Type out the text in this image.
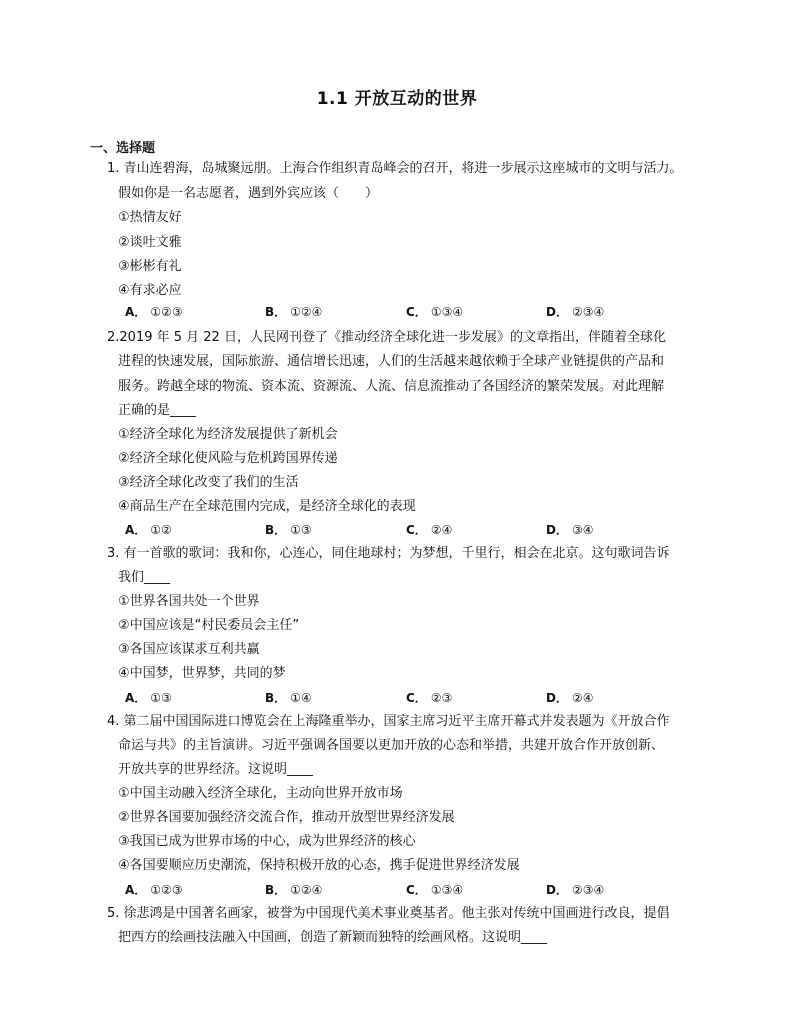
1.1 开放互动的世界
一、选择题
1. 青山连碧海，岛城聚远朋。上海合作组织青岛峰会的召开，将进一步展示这座城市的文明与活力。
假如你是一名志愿者，遇到外宾应该（　　）
①热情友好
②谈吐文雅
③彬彬有礼
④有求必应
A． ①②③	B． ①②④	C． ①③④	D． ②③④
2.2019 年 5 月 22 日，人民网刊登了《推动经济全球化进一步发展》的文章指出，伴随着全球化
进程的快速发展，国际旅游、通信增长迅速，人们的生活越来越依赖于全球产业链提供的产品和
服务。跨越全球的物流、资本流、资源流、人流、信息流推动了各国经济的繁荣发展。对此理解
正确的是____
①经济全球化为经济发展提供了新机会
②经济全球化使风险与危机跨国界传递
③经济全球化改变了我们的生活
④商品生产在全球范围内完成，是经济全球化的表现
A． ①②	B． ①③	C． ②④	D． ③④
3. 有一首歌的歌词：我和你，心连心，同住地球村；为梦想，千里行，相会在北京。这句歌词告诉
我们____
①世界各国共处一个世界
②中国应该是“村民委员会主任”
③各国应该谋求互利共赢
④中国梦，世界梦，共同的梦
A． ①③	B． ①④	C． ②③	D． ②④
4. 第二届中国国际进口博览会在上海隆重举办，国家主席习近平主席开幕式并发表题为《开放合作
命运与共》的主旨演讲。习近平强调各国要以更加开放的心态和举措，共建开放合作开放创新、
开放共享的世界经济。这说明____
①中国主动融入经济全球化，主动向世界开放市场
②世界各国要加强经济交流合作，推动开放型世界经济发展
③我国已成为世界市场的中心，成为世界经济的核心
④各国要顺应历史潮流，保持积极开放的心态，携手促进世界经济发展
A． ①②③	B． ①②④	C． ①③④	D． ②③④
5. 徐悲鸿是中国著名画家，被誉为中国现代美术事业奠基者。他主张对传统中国画进行改良，提倡
把西方的绘画技法融入中国画，创造了新颖而独特的绘画风格。这说明____
